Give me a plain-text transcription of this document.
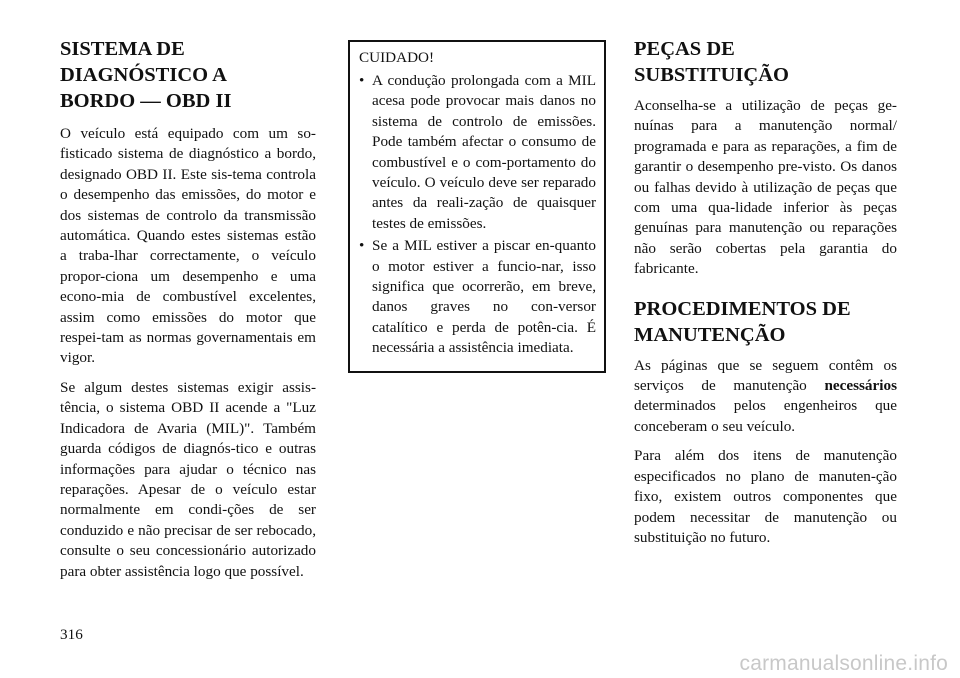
SISTEMA DE
DIAGNÓSTICO A
BORDO — OBD II

O veículo está equipado com um so-fisticado sistema de diagnóstico a bordo, designado OBD II. Este sis-tema controla o desempenho das emissões, do motor e dos sistemas de controlo da transmissão automática. Quando estes sistemas estão a traba-lhar correctamente, o veículo propor-ciona um desempenho e uma econo-mia de combustível excelentes, assim como emissões do motor que respei-tam as normas governamentais em vigor.

Se algum destes sistemas exigir assis-tência, o sistema OBD II acende a "Luz Indicadora de Avaria (MIL)". Também guarda códigos de diagnós-tico e outras informações para ajudar o técnico nas reparações. Apesar de o veículo estar normalmente em condi-ções de ser conduzido e não precisar de ser rebocado, consulte o seu concessionário autorizado para obter assistência logo que possível.

CUIDADO!
• A condução prolongada com a MIL acesa pode provocar mais danos no sistema de controlo de emissões. Pode também afectar o consumo de combustível e o com-portamento do veículo. O veículo deve ser reparado antes da reali-zação de quaisquer testes de emissões.
• Se a MIL estiver a piscar en-quanto o motor estiver a funcio-nar, isso significa que ocorrerão, em breve, danos graves no con-versor catalítico e perda de potên-cia. É necessária a assistência imediata.
PEÇAS DE
SUBSTITUIÇÃO

Aconselha-se a utilização de peças ge-nuínas para a manutenção normal/ programada e para as reparações, a fim de garantir o desempenho pre-visto. Os danos ou falhas devido à utilização de peças que com uma qua-lidade inferior às peças genuínas para manutenção ou reparações não serão cobertas pela garantia do fabricante.

PROCEDIMENTOS DE
MANUTENÇÃO

As páginas que se seguem contêm os serviços de manutenção necessários determinados pelos engenheiros que conceberam o seu veículo.

Para além dos itens de manutenção especificados no plano de manuten-ção fixo, existem outros componentes que podem necessitar de manutenção ou substituição no futuro.

316
carmanualsonline.info
